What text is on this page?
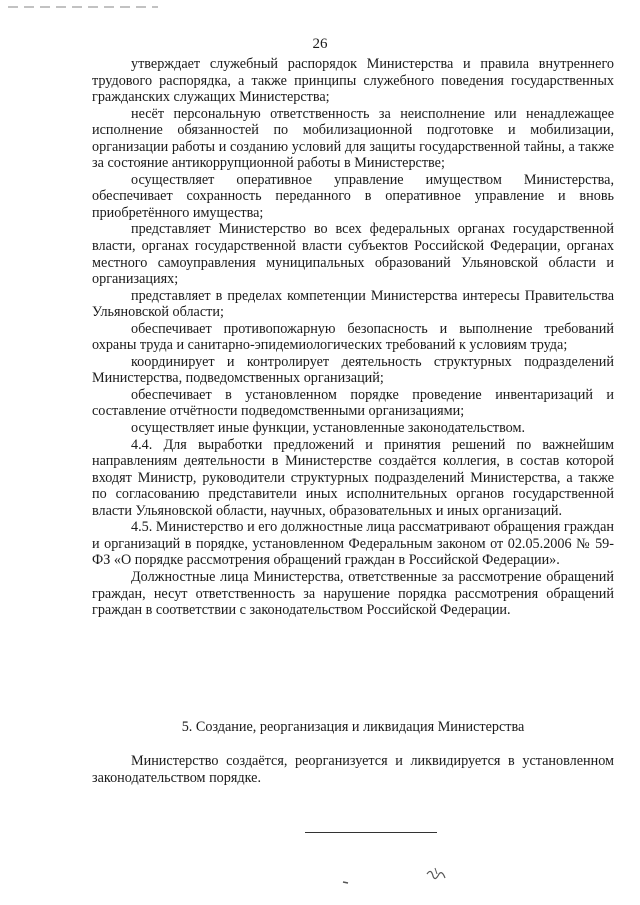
26

утверждает служебный распорядок Министерства и правила внутреннего трудового распорядка, а также принципы служебного поведения государственных гражданских служащих Министерства;

несёт персональную ответственность за неисполнение или ненадлежащее исполнение обязанностей по мобилизационной подготовке и мобилизации, организации работы и созданию условий для защиты государственной тайны, а также за состояние антикоррупционной работы в Министерстве;

осуществляет оперативное управление имуществом Министерства, обеспечивает сохранность переданного в оперативное управление и вновь приобретённого имущества;

представляет Министерство во всех федеральных органах государственной власти, органах государственной власти субъектов Российской Федерации, органах местного самоуправления муниципальных образований Ульяновской области и организациях;

представляет в пределах компетенции Министерства интересы Правительства Ульяновской области;

обеспечивает противопожарную безопасность и выполнение требований охраны труда и санитарно-эпидемиологических требований к условиям труда;

координирует и контролирует деятельность структурных подразделений Министерства, подведомственных организаций;

обеспечивает в установленном порядке проведение инвентаризаций и составление отчётности подведомственными организациями;

осуществляет иные функции, установленные законодательством.

4.4. Для выработки предложений и принятия решений по важнейшим направлениям деятельности в Министерстве создаётся коллегия, в состав которой входят Министр, руководители структурных подразделений Министерства, а также по согласованию представители иных исполнительных органов государственной власти Ульяновской области, научных, образовательных и иных организаций.

4.5. Министерство и его должностные лица рассматривают обращения граждан и организаций в порядке, установленном Федеральным законом от 02.05.2006 № 59-ФЗ «О порядке рассмотрения обращений граждан в Российской Федерации».

Должностные лица Министерства, ответственные за рассмотрение обращений граждан, несут ответственность за нарушение порядка рассмотрения обращений граждан в соответствии с законодательством Российской Федерации.

5. Создание, реорганизация и ликвидация Министерства

Министерство создаётся, реорганизуется и ликвидируется в установленном законодательством порядке.
